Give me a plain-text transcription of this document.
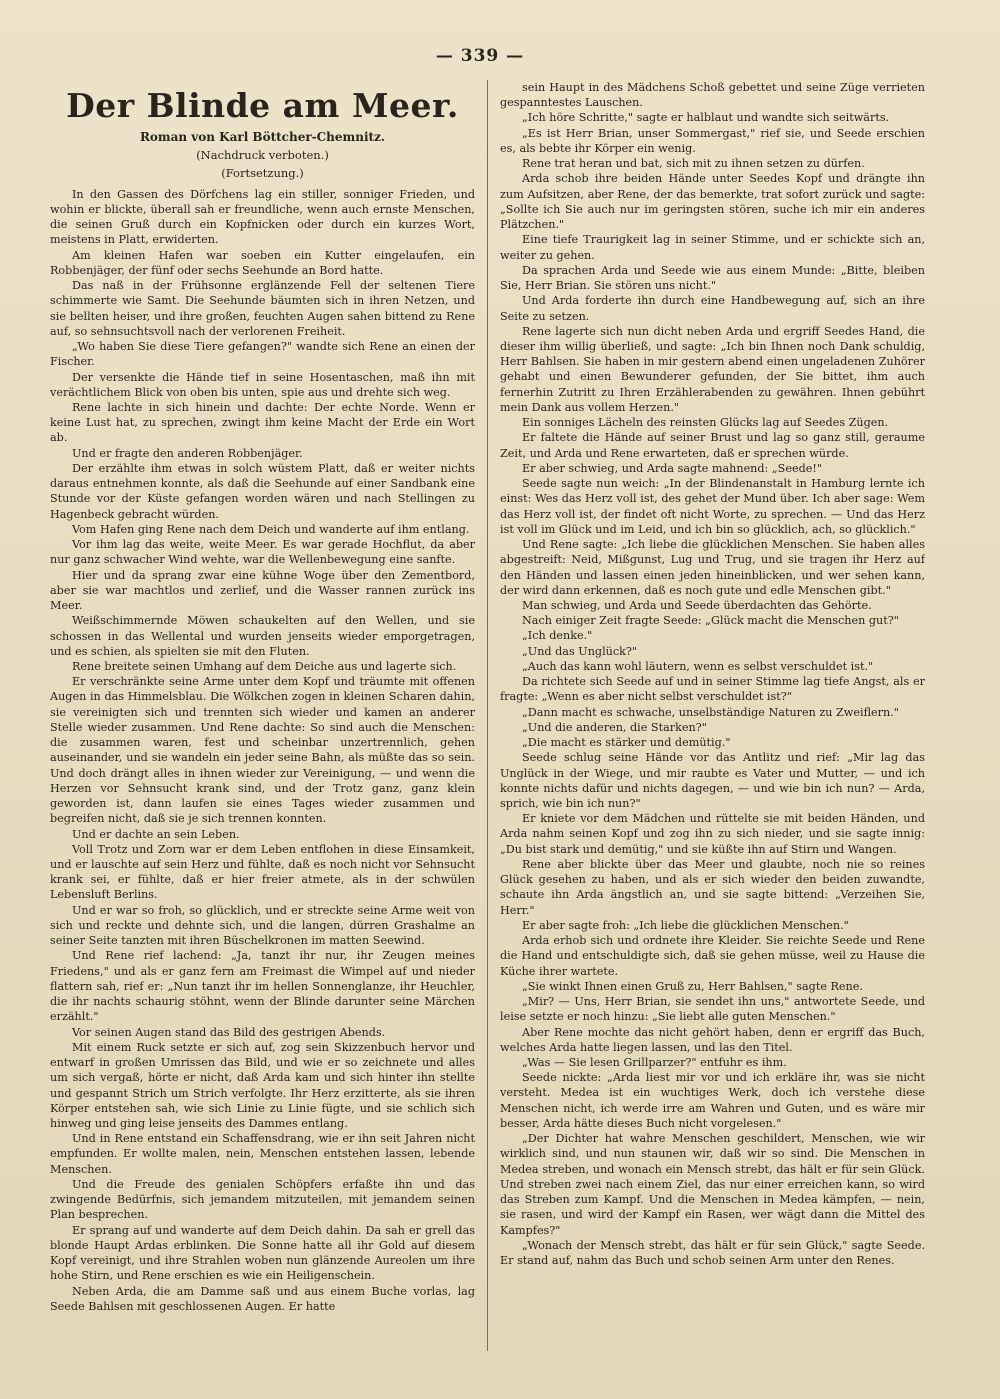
— 339 —
Der Blinde am Meer.
Roman von Karl Böttcher-Chemnitz.
(Nachdruck verboten.)
(Fortsetzung.)

In den Gassen des Dörfchens lag ein stiller, sonniger Frieden, und wohin er blickte, überall sah er freundliche, wenn auch ernste Menschen, die seinen Gruß durch ein Kopfnicken oder durch ein kurzes Wort, meistens in Platt, erwiderten.

Am kleinen Hafen war soeben ein Kutter eingelaufen, ein Robbenjäger, der fünf oder sechs Seehunde an Bord hatte.

Das naß in der Frühsonne erglänzende Fell der seltenen Tiere schimmerte wie Samt. Die Seehunde bäumten sich in ihren Netzen, und sie bellten heiser, und ihre großen, feuchten Augen sahen bittend zu Rene auf, so sehnsuchtsvoll nach der verlorenen Freiheit.

„Wo haben Sie diese Tiere gefangen?" wandte sich Rene an einen der Fischer.

Der versenkte die Hände tief in seine Hosentaschen, maß ihn mit verächtlichem Blick von oben bis unten, spie aus und drehte sich weg.

Rene lachte in sich hinein und dachte: Der echte Norde. Wenn er keine Lust hat, zu sprechen, zwingt ihm keine Macht der Erde ein Wort ab.

Und er fragte den anderen Robbenjäger.

Der erzählte ihm etwas in solch wüstem Platt, daß er weiter nichts daraus entnehmen konnte, als daß die Seehunde auf einer Sandbank eine Stunde vor der Küste gefangen worden wären und nach Stellingen zu Hagenbeck gebracht würden.

Vom Hafen ging Rene nach dem Deich und wanderte auf ihm entlang.

Vor ihm lag das weite, weite Meer. Es war gerade Hochflut, da aber nur ganz schwacher Wind wehte, war die Wellenbewegung eine sanfte.

Hier und da sprang zwar eine kühne Woge über den Zementbord, aber sie war machtlos und zerlief, und die Wasser rannen zurück ins Meer.

Weißschimmernde Möwen schaukelten auf den Wellen, und sie schossen in das Wellental und wurden jenseits wieder emporgetragen, und es schien, als spielten sie mit den Fluten.

Rene breitete seinen Umhang auf dem Deiche aus und lagerte sich.

Er verschränkte seine Arme unter dem Kopf und träumte mit offenen Augen in das Himmelsblau. Die Wölkchen zogen in kleinen Scharen dahin, sie vereinigten sich und trennten sich wieder und kamen an anderer Stelle wieder zusammen. Und Rene dachte: So sind auch die Menschen: die zusammen waren, fest und scheinbar unzertrennlich, gehen auseinander, und sie wandeln ein jeder seine Bahn, als müßte das so sein. Und doch drängt alles in ihnen wieder zur Vereinigung, — und wenn die Herzen vor Sehnsucht krank sind, und der Trotz ganz, ganz klein geworden ist, dann laufen sie eines Tages wieder zusammen und begreifen nicht, daß sie je sich trennen konnten.

Und er dachte an sein Leben.

Voll Trotz und Zorn war er dem Leben entflohen in diese Einsamkeit, und er lauschte auf sein Herz und fühlte, daß es noch nicht vor Sehnsucht krank sei, er fühlte, daß er hier freier atmete, als in der schwülen Lebensluft Berlins.

Und er war so froh, so glücklich, und er streckte seine Arme weit von sich und reckte und dehnte sich, und die langen, dürren Grashalme an seiner Seite tanzten mit ihren Büschelkronen im matten Seewind.

Und Rene rief lachend: „Ja, tanzt ihr nur, ihr Zeugen meines Friedens," und als er ganz fern am Freimast die Wimpel auf und nieder flattern sah, rief er: „Nun tanzt ihr im hellen Sonnenglanze, ihr Heuchler, die ihr nachts schaurig stöhnt, wenn der Blinde darunter seine Märchen erzählt."

Vor seinen Augen stand das Bild des gestrigen Abends.

Mit einem Ruck setzte er sich auf, zog sein Skizzenbuch hervor und entwarf in großen Umrissen das Bild, und wie er so zeichnete und alles um sich vergaß, hörte er nicht, daß Arda kam und sich hinter ihn stellte und gespannt Strich um Strich verfolgte. Ihr Herz erzitterte, als sie ihren Körper entstehen sah, wie sich Linie zu Linie fügte, und sie schlich sich hinweg und ging leise jenseits des Dammes entlang.

Und in Rene entstand ein Schaffensdrang, wie er ihn seit Jahren nicht empfunden. Er wollte malen, nein, Menschen entstehen lassen, lebende Menschen.

Und die Freude des genialen Schöpfers erfaßte ihn und das zwingende Bedürfnis, sich jemandem mitzuteilen, mit jemandem seinen Plan besprechen.

Er sprang auf und wanderte auf dem Deich dahin. Da sah er grell das blonde Haupt Ardas erblinken. Die Sonne hatte all ihr Gold auf diesem Kopf vereinigt, und ihre Strahlen woben nun glänzende Aureolen um ihre hohe Stirn, und Rene erschien es wie ein Heiligenschein.

Neben Arda, die am Damme saß und aus einem Buche vorlas, lag Seede Bahlsen mit geschlossenen Augen. Er hatte

sein Haupt in des Mädchens Schoß gebettet und seine Züge verrieten gespanntestes Lauschen.

„Ich höre Schritte," sagte er halblaut und wandte sich seitwärts.

„Es ist Herr Brian, unser Sommergast," rief sie, und Seede erschien es, als bebte ihr Körper ein wenig.

Rene trat heran und bat, sich mit zu ihnen setzen zu dürfen.

Arda schob ihre beiden Hände unter Seedes Kopf und drängte ihn zum Aufsitzen, aber Rene, der das bemerkte, trat sofort zurück und sagte: „Sollte ich Sie auch nur im geringsten stören, suche ich mir ein anderes Plätzchen."

Eine tiefe Traurigkeit lag in seiner Stimme, und er schickte sich an, weiter zu gehen.

Da sprachen Arda und Seede wie aus einem Munde: „Bitte, bleiben Sie, Herr Brian. Sie stören uns nicht."

Und Arda forderte ihn durch eine Handbewegung auf, sich an ihre Seite zu setzen.

Rene lagerte sich nun dicht neben Arda und ergriff Seedes Hand, die dieser ihm willig überließ, und sagte: „Ich bin Ihnen noch Dank schuldig, Herr Bahlsen. Sie haben in mir gestern abend einen ungeladenen Zuhörer gehabt und einen Bewunderer gefunden, der Sie bittet, ihm auch fernerhin Zutritt zu Ihren Erzählerabenden zu gewähren. Ihnen gebührt mein Dank aus vollem Herzen."

Ein sonniges Lächeln des reinsten Glücks lag auf Seedes Zügen.

Er faltete die Hände auf seiner Brust und lag so ganz still, geraume Zeit, und Arda und Rene erwarteten, daß er sprechen würde.

Er aber schwieg, und Arda sagte mahnend: „Seede!"

Seede sagte nun weich: „In der Blindenanstalt in Hamburg lernte ich einst: Wes das Herz voll ist, des gehet der Mund über. Ich aber sage: Wem das Herz voll ist, der findet oft nicht Worte, zu sprechen. — Und das Herz ist voll im Glück und im Leid, und ich bin so glücklich, ach, so glücklich."

Und Rene sagte: „Ich liebe die glücklichen Menschen. Sie haben alles abgestreift: Neid, Mißgunst, Lug und Trug, und sie tragen ihr Herz auf den Händen und lassen einen jeden hineinblicken, und wer sehen kann, der wird dann erkennen, daß es noch gute und edle Menschen gibt."

Man schwieg, und Arda und Seede überdachten das Gehörte.

Nach einiger Zeit fragte Seede: „Glück macht die Menschen gut?"

„Ich denke."

„Und das Unglück?"

„Auch das kann wohl läutern, wenn es selbst verschuldet ist."

Da richtete sich Seede auf und in seiner Stimme lag tiefe Angst, als er fragte: „Wenn es aber nicht selbst verschuldet ist?"

„Dann macht es schwache, unselbständige Naturen zu Zweiflern."

„Und die anderen, die Starken?"

„Die macht es stärker und demütig."

Seede schlug seine Hände vor das Antlitz und rief: „Mir lag das Unglück in der Wiege, und mir raubte es Vater und Mutter, — und ich konnte nichts dafür und nichts dagegen, — und wie bin ich nun? — Arda, sprich, wie bin ich nun?"

Er kniete vor dem Mädchen und rüttelte sie mit beiden Händen, und Arda nahm seinen Kopf und zog ihn zu sich nieder, und sie sagte innig: „Du bist stark und demütig," und sie küßte ihn auf Stirn und Wangen.

Rene aber blickte über das Meer und glaubte, noch nie so reines Glück gesehen zu haben, und als er sich wieder den beiden zuwandte, schaute ihn Arda ängstlich an, und sie sagte bittend: „Verzeihen Sie, Herr."

Er aber sagte froh: „Ich liebe die glücklichen Menschen."

Arda erhob sich und ordnete ihre Kleider. Sie reichte Seede und Rene die Hand und entschuldigte sich, daß sie gehen müsse, weil zu Hause die Küche ihrer wartete.

„Sie winkt Ihnen einen Gruß zu, Herr Bahlsen," sagte Rene.

„Mir? — Uns, Herr Brian, sie sendet ihn uns," antwortete Seede, und leise setzte er noch hinzu: „Sie liebt alle guten Menschen."

Aber Rene mochte das nicht gehört haben, denn er ergriff das Buch, welches Arda hatte liegen lassen, und las den Titel.

„Was — Sie lesen Grillparzer?" entfuhr es ihm.

Seede nickte: „Arda liest mir vor und ich erkläre ihr, was sie nicht versteht. Medea ist ein wuchtiges Werk, doch ich verstehe diese Menschen nicht, ich werde irre am Wahren und Guten, und es wäre mir besser, Arda hätte dieses Buch nicht vorgelesen."

„Der Dichter hat wahre Menschen geschildert, Menschen, wie wir wirklich sind, und nun staunen wir, daß wir so sind. Die Menschen in Medea streben, und wonach ein Mensch strebt, das hält er für sein Glück. Und streben zwei nach einem Ziel, das nur einer erreichen kann, so wird das Streben zum Kampf. Und die Menschen in Medea kämpfen, — nein, sie rasen, und wird der Kampf ein Rasen, wer wägt dann die Mittel des Kampfes?"

„Wonach der Mensch strebt, das hält er für sein Glück," sagte Seede. Er stand auf, nahm das Buch und schob seinen Arm unter den Renes.
